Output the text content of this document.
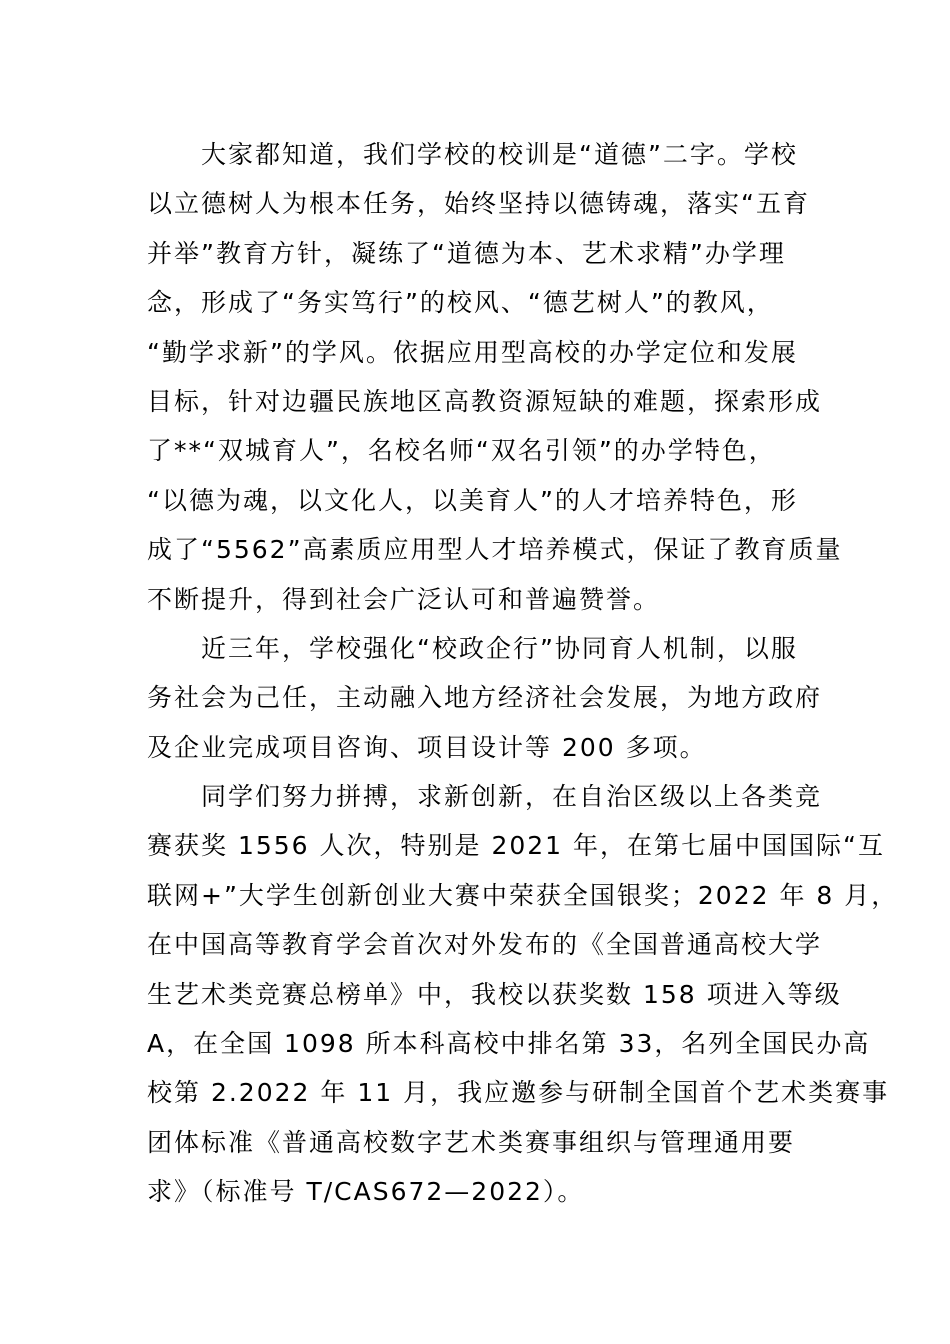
大家都知道，我们学校的校训是“道德”二字。学校
以立德树人为根本任务，始终坚持以德铸魂，落实“五育
并举”教育方针，凝练了“道德为本、艺术求精”办学理
念，形成了“务实笃行”的校风、“德艺树人”的教风，
“勤学求新”的学风。依据应用型高校的办学定位和发展
目标，针对边疆民族地区高教资源短缺的难题，探索形成
了**“双城育人”，名校名师“双名引领”的办学特色，
“以德为魂，以文化人，以美育人”的人才培养特色，形
成了“5562”高素质应用型人才培养模式，保证了教育质量
不断提升，得到社会广泛认可和普遍赞誉。
近三年，学校强化“校政企行”协同育人机制，以服
务社会为己任，主动融入地方经济社会发展，为地方政府
及企业完成项目咨询、项目设计等 200 多项。
同学们努力拼搏，求新创新，在自治区级以上各类竞
赛获奖 1556 人次，特别是 2021 年，在第七届中国国际“互
联网+”大学生创新创业大赛中荣获全国银奖；2022 年 8 月，
在中国高等教育学会首次对外发布的《全国普通高校大学
生艺术类竞赛总榜单》中，我校以获奖数 158 项进入等级
A，在全国 1098 所本科高校中排名第 33，名列全国民办高
校第 2.2022 年 11 月，我应邀参与研制全国首个艺术类赛事
团体标准《普通高校数字艺术类赛事组织与管理通用要
求》（标准号 T/CAS672—2022）。
